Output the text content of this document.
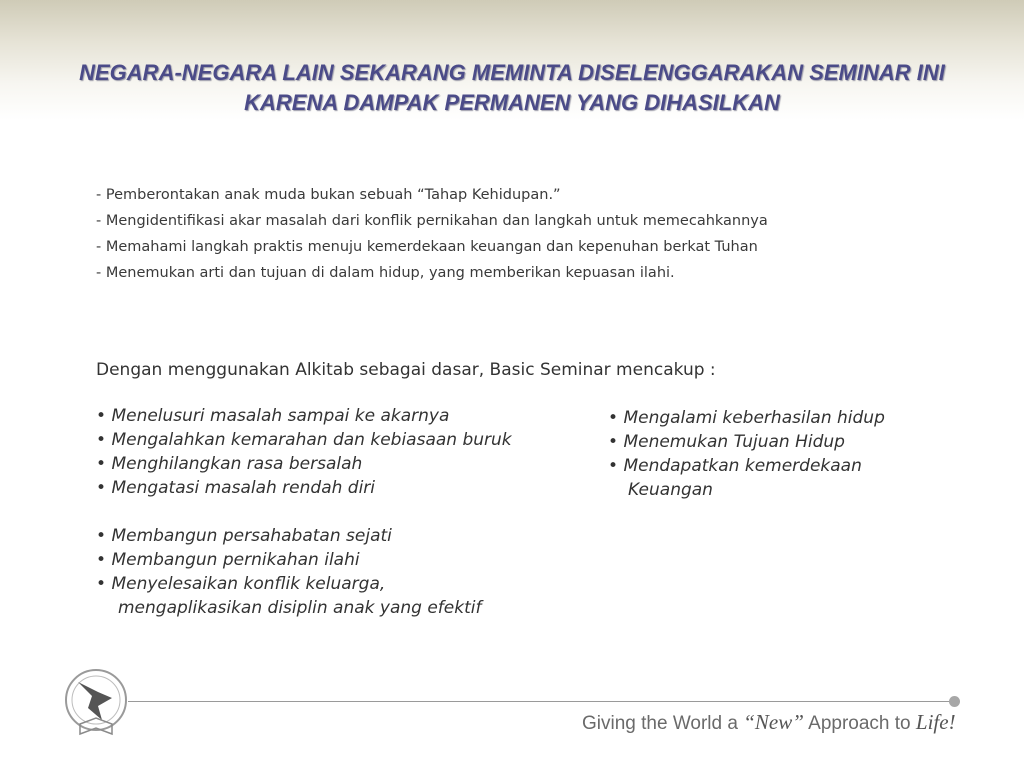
NEGARA-NEGARA LAIN SEKARANG MEMINTA DISELENGGARAKAN SEMINAR INI KARENA DAMPAK PERMANEN YANG DIHASILKAN
- Pemberontakan anak muda bukan sebuah “Tahap Kehidupan.”
- Mengidentifikasi akar masalah dari konflik pernikahan dan langkah untuk memecahkannya
- Memahami langkah praktis menuju kemerdekaan keuangan dan kepenuhan berkat Tuhan
- Menemukan arti dan tujuan di dalam hidup, yang memberikan kepuasan ilahi.
Dengan menggunakan Alkitab sebagai dasar, Basic Seminar mencakup :
• Menelusuri masalah sampai ke akarnya
• Mengalahkan kemarahan dan kebiasaan buruk
• Menghilangkan rasa bersalah
• Mengatasi masalah rendah diri
• Membangun persahabatan sejati
• Membangun pernikahan ilahi
• Menyelesaikan konflik keluarga,
mengaplikasikan disiplin anak yang efektif
• Mengalami keberhasilan hidup
• Menemukan Tujuan Hidup
• Mendapatkan kemerdekaan
Keuangan
Giving the World a “New” Approach to Life!
